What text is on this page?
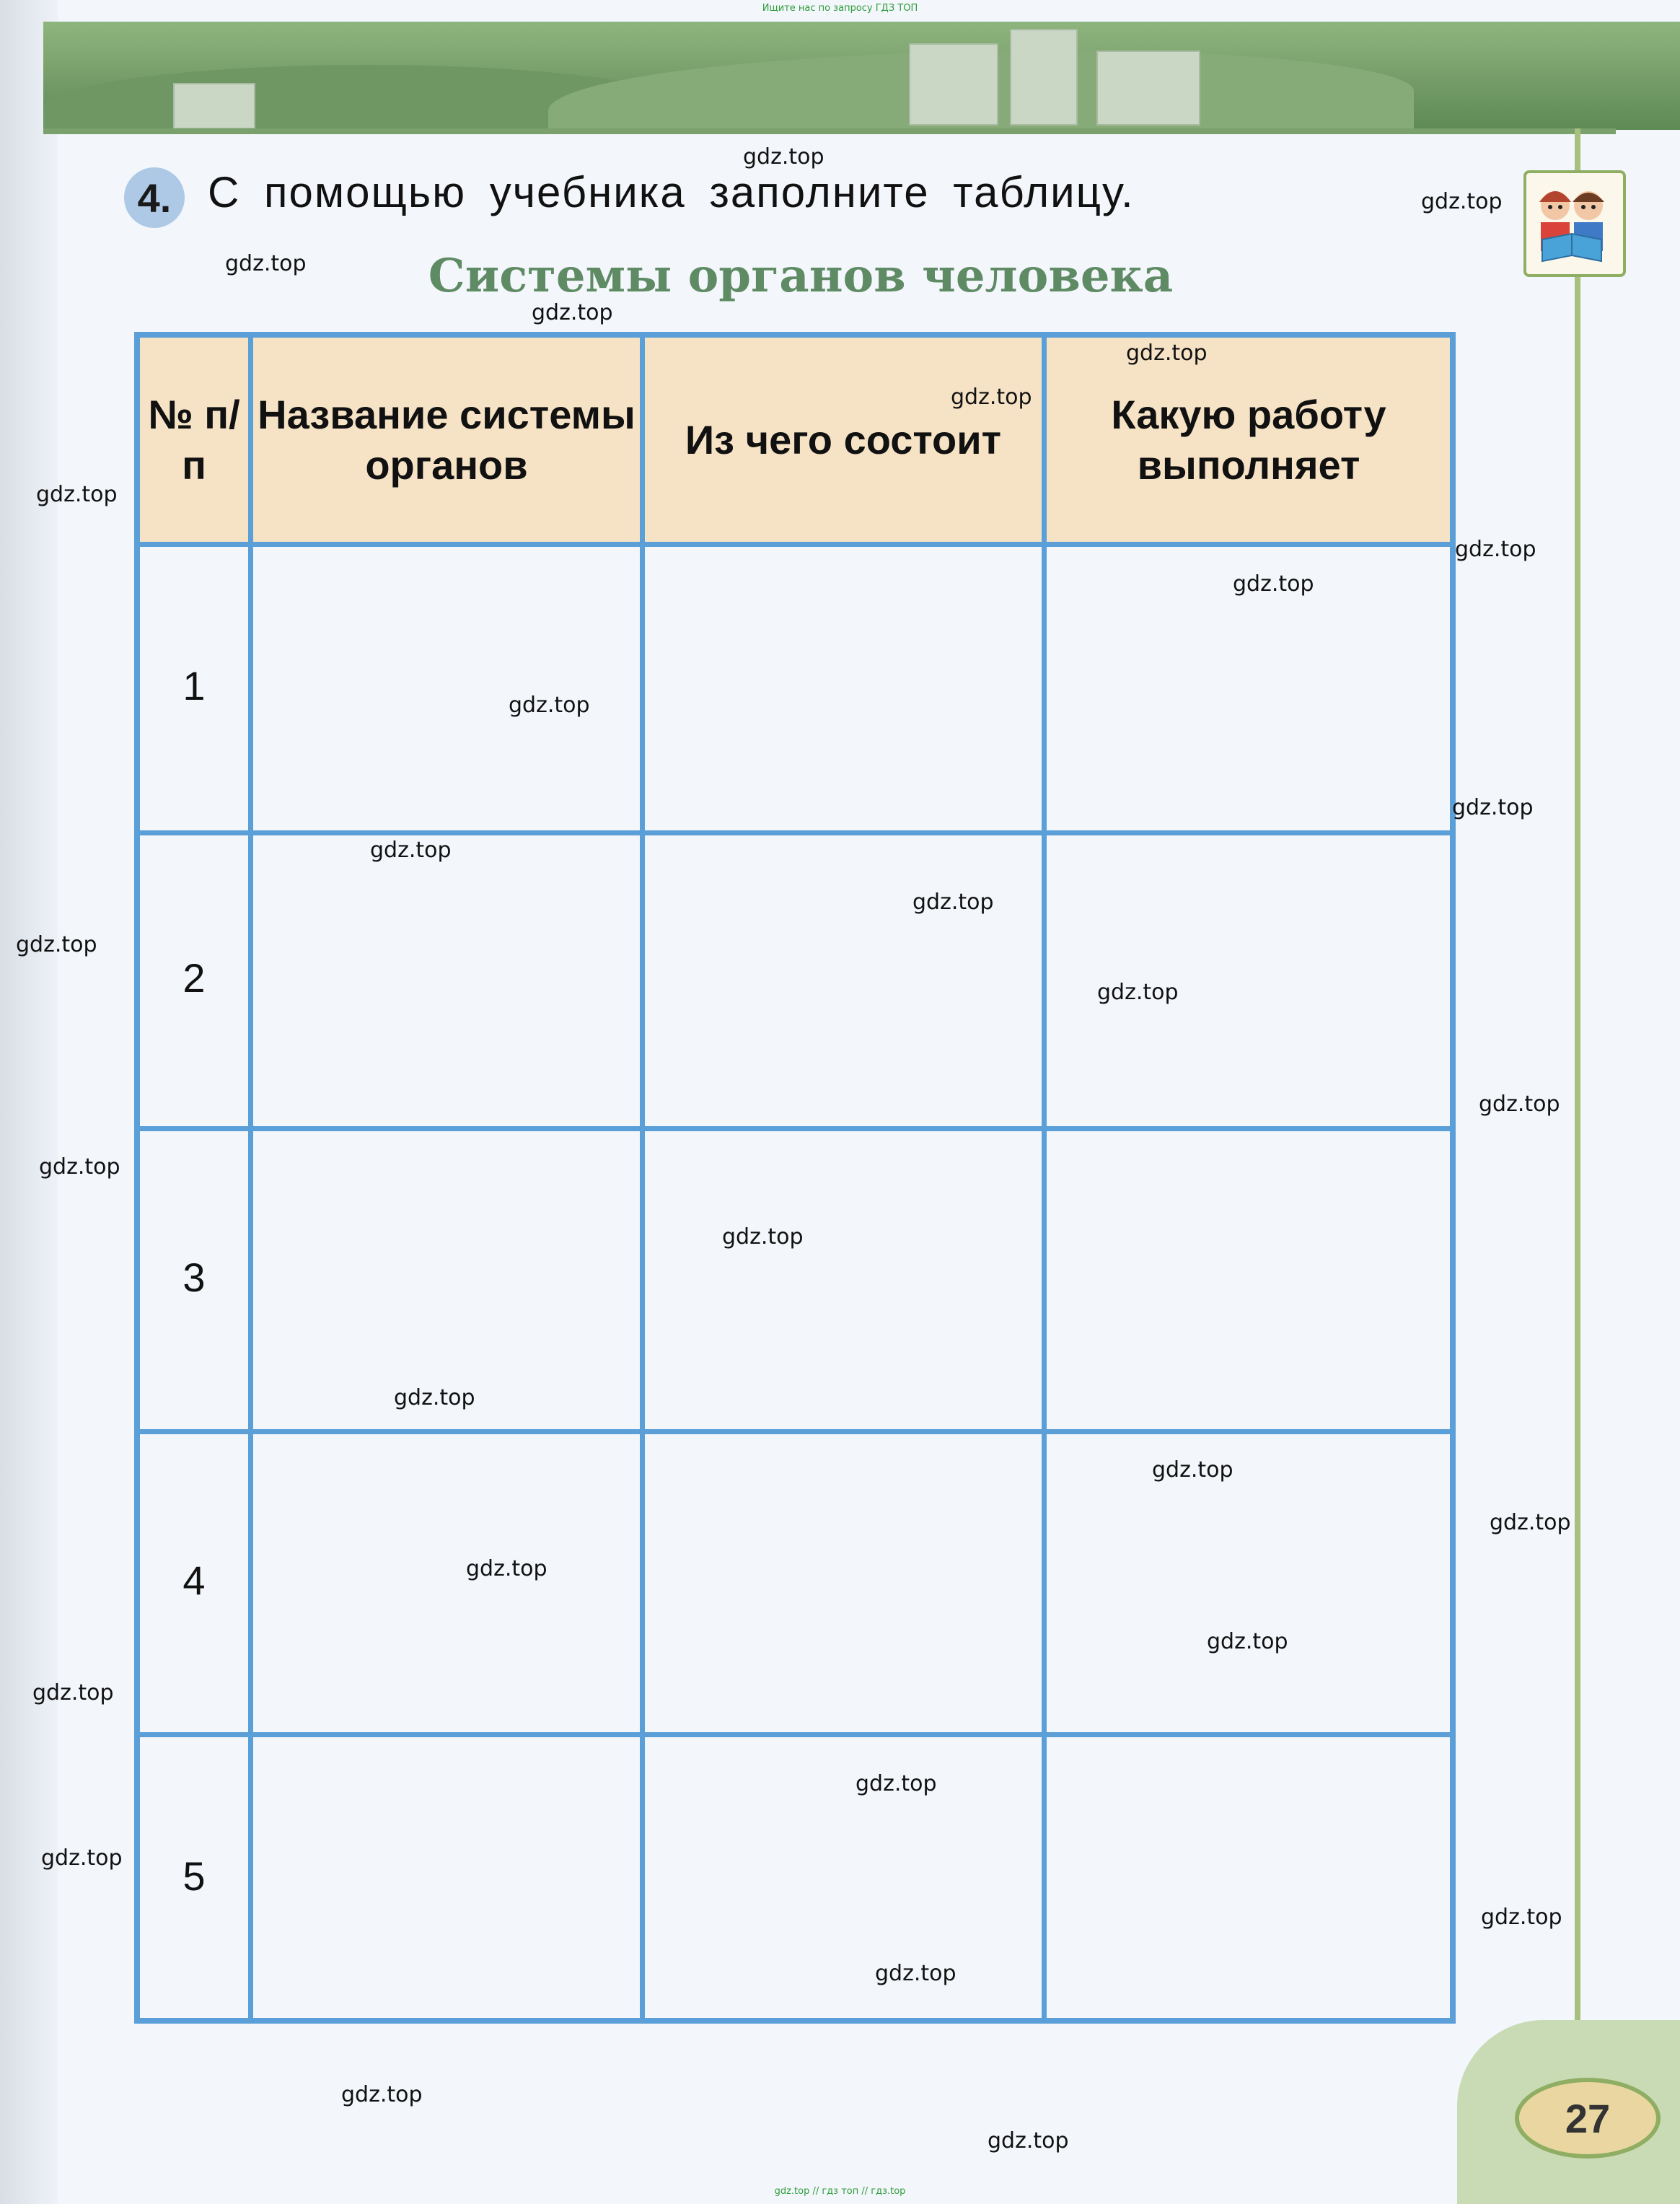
Ищите нас по запросу ГДЗ ТОП
4. С помощью учебника заполните таблицу.
Системы органов человека
№ п/п
Название системы органов
Из чего состоит
Какую работу выполняет
1
2
3
4
5
27
gdz.top
gdz.top
gdz.top
gdz.top
gdz.top
gdz.top
gdz.top
gdz.top
gdz.top
gdz.top
gdz.top
gdz.top
gdz.top
gdz.top
gdz.top
gdz.top
gdz.top
gdz.top
gdz.top
gdz.top
gdz.top
gdz.top
gdz.top
gdz.top
gdz.top
gdz.top
gdz.top
gdz.top
gdz.top
gdz.top
gdz.top // гдз топ // гдз.top
